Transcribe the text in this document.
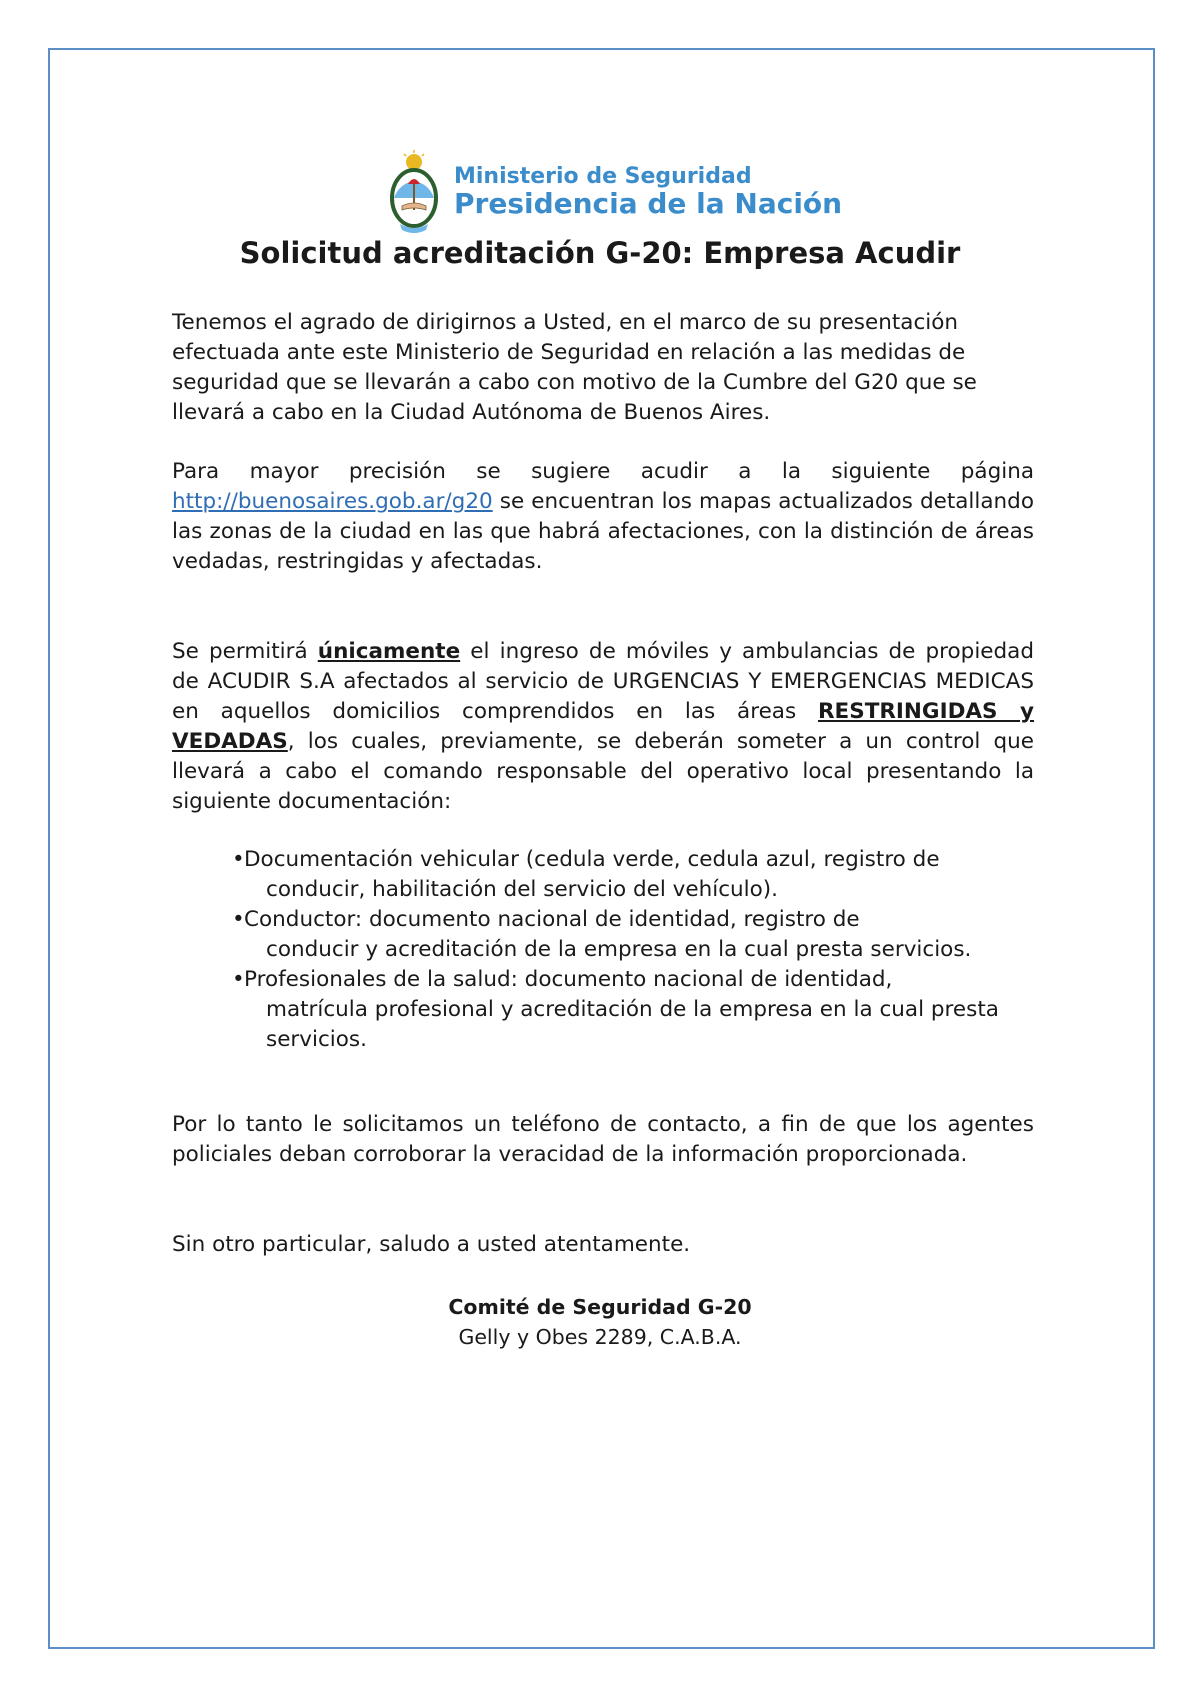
Ministerio de Seguridad
Presidencia de la Nación
Solicitud acreditación G-20: Empresa Acudir

Tenemos el agrado de dirigirnos a Usted, en el marco de su presentación efectuada ante este Ministerio de Seguridad en relación a las medidas de seguridad que se llevarán a cabo con motivo de la Cumbre del G20 que se llevará a cabo en la Ciudad Autónoma de Buenos Aires.

Para mayor precisión se sugiere acudir a la siguiente página http://buenosaires.gob.ar/g20 se encuentran los mapas actualizados detallando las zonas de la ciudad en las que habrá afectaciones, con la distinción de áreas vedadas, restringidas y afectadas.

Se permitirá únicamente el ingreso de móviles y ambulancias de propiedad de ACUDIR S.A afectados al servicio de URGENCIAS Y EMERGENCIAS MEDICAS en aquellos domicilios comprendidos en las áreas RESTRINGIDAS y VEDADAS, los cuales, previamente, se deberán someter a un control que llevará a cabo el comando responsable del operativo local presentando la siguiente documentación:

•Documentación vehicular (cedula verde, cedula azul, registro de
conducir, habilitación del servicio del vehículo).
•Conductor: documento nacional de identidad, registro de
conducir y acreditación de la empresa en la cual presta servicios.
•Profesionales de la salud: documento nacional de identidad,
matrícula profesional y acreditación de la empresa en la cual presta servicios.

Por lo tanto le solicitamos un teléfono de contacto, a fin de que los agentes policiales deban corroborar la veracidad de la información proporcionada.

Sin otro particular, saludo a usted atentamente.

Comité de Seguridad G-20
Gelly y Obes 2289, C.A.B.A.
